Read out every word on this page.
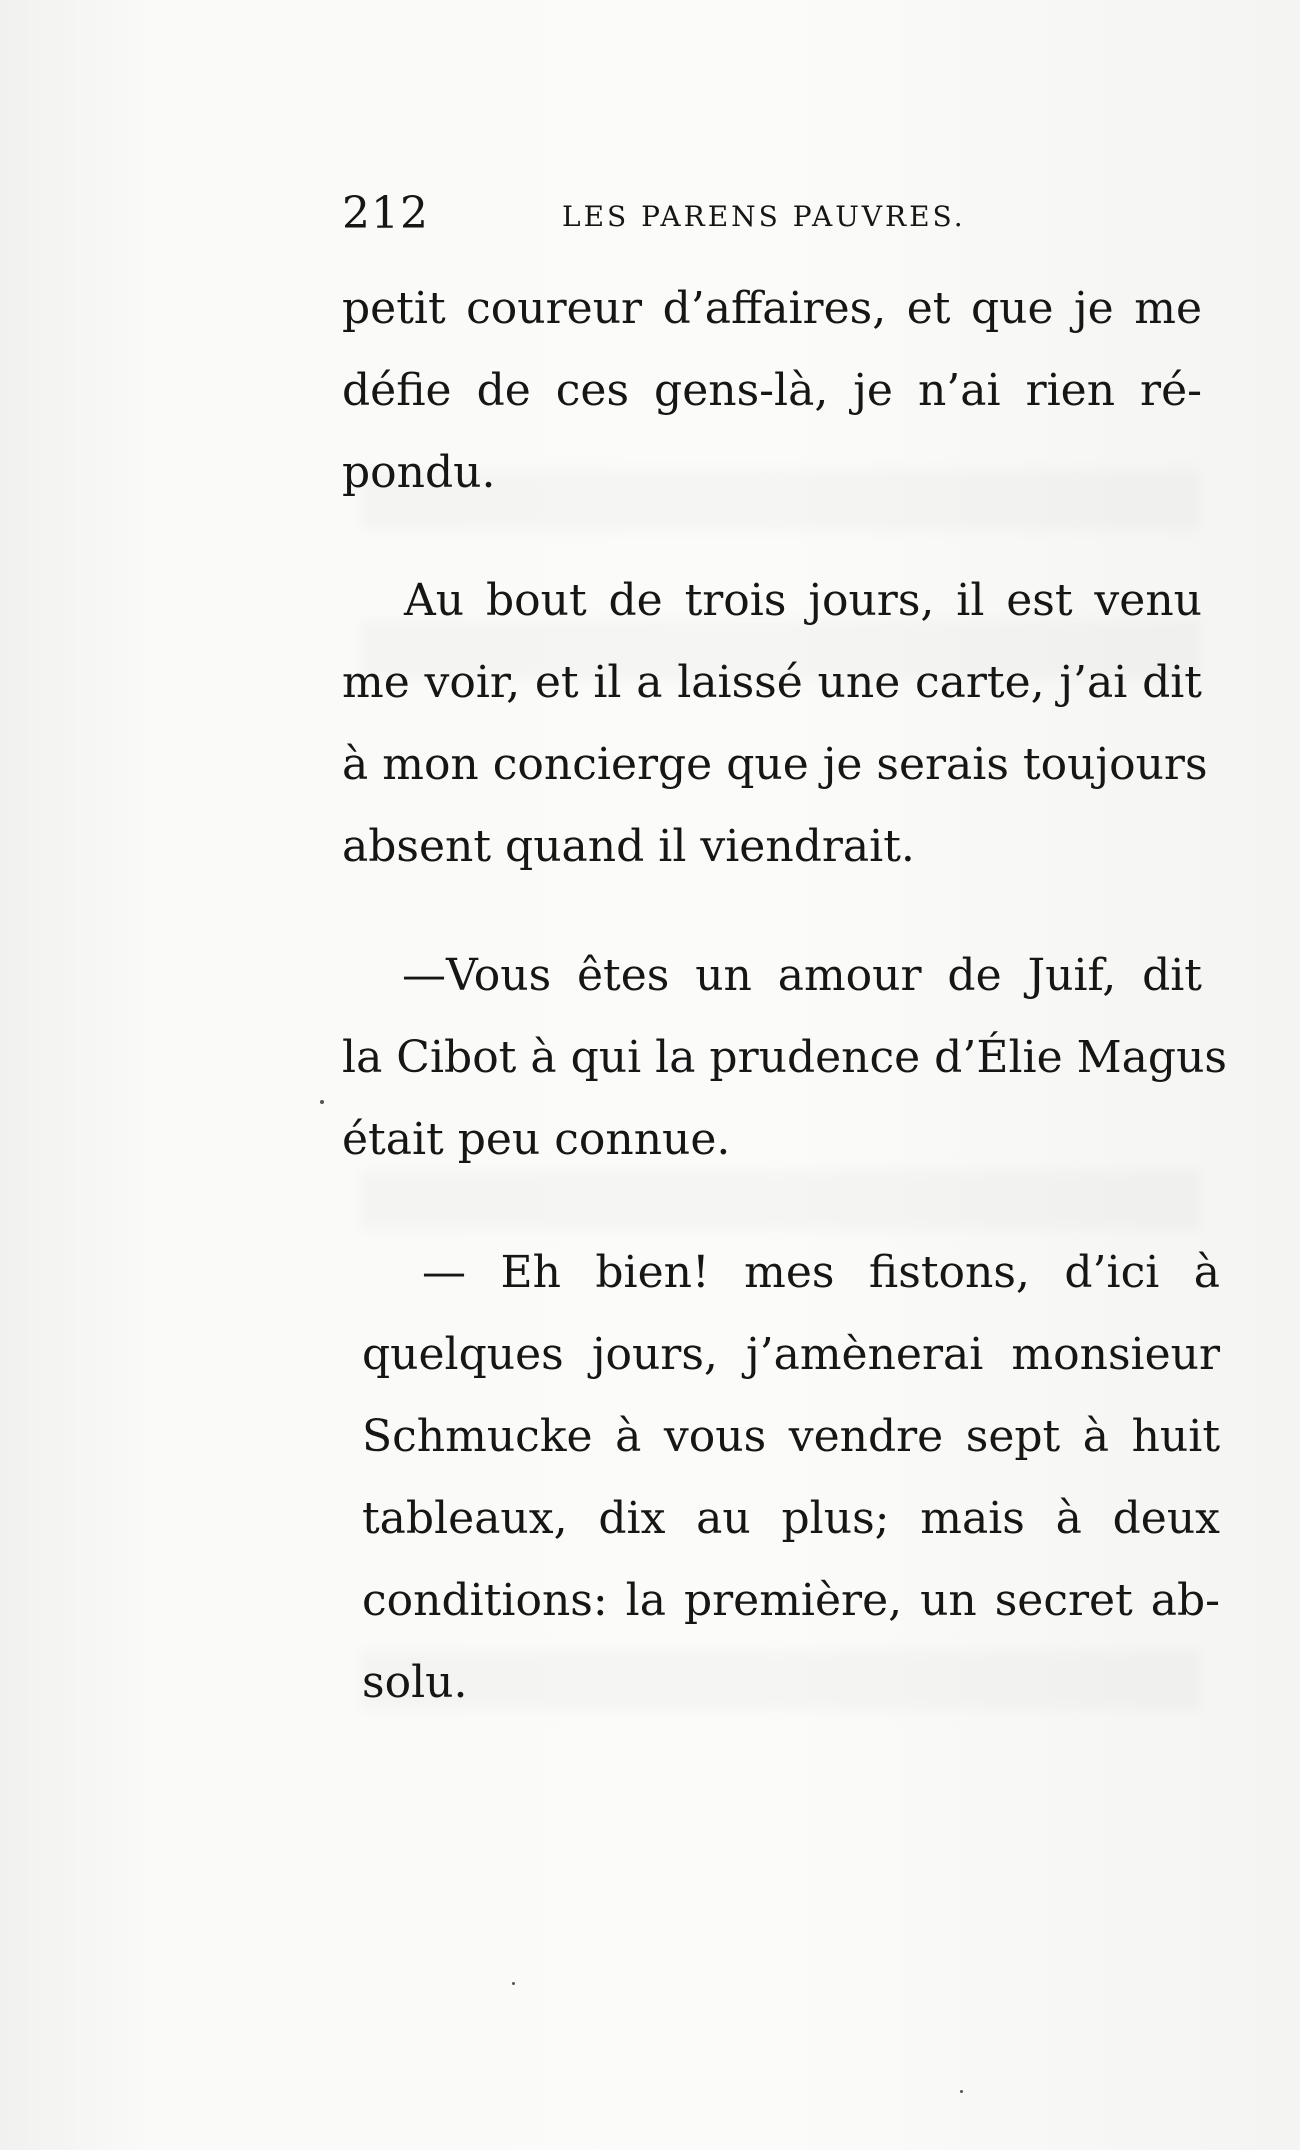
212	LES PARENS PAUVRES.
petit coureur d’affaires, et que je me
défie de ces gens-là, je n’ai rien ré-
pondu.
Au bout de trois jours, il est venu
me voir, et il a laissé une carte, j’ai dit
à mon concierge que je serais toujours
absent quand il viendrait.
—Vous êtes un amour de Juif, dit
la Cibot à qui la prudence d’Élie Magus
était peu connue.
— Eh bien! mes fistons, d’ici à
quelques jours, j’amènerai monsieur
Schmucke à vous vendre sept à huit
tableaux, dix au plus; mais à deux
conditions: la première, un secret ab-
solu.
